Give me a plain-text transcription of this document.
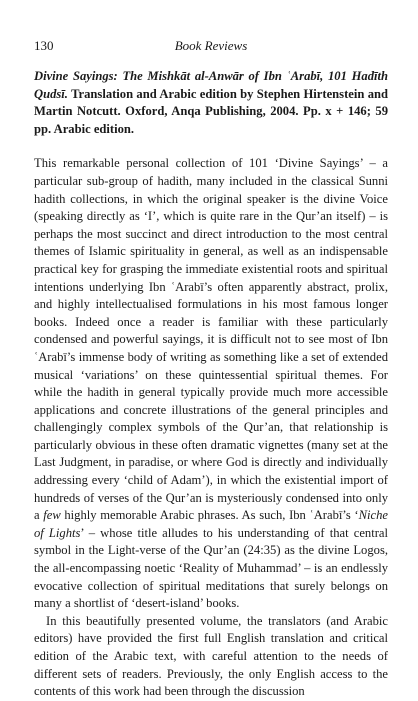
130	Book Reviews
Divine Sayings: The Mishkāt al-Anwār of Ibn ʿArabī, 101 Hadīth Qudsī. Translation and Arabic edition by Stephen Hirtenstein and Martin Notcutt. Oxford, Anqa Publishing, 2004. Pp. x + 146; 59 pp. Arabic edition.

This remarkable personal collection of 101 ‘Divine Sayings’ – a particular sub-group of hadith, many included in the classical Sunni hadith collections, in which the original speaker is the divine Voice (speaking directly as ‘I’, which is quite rare in the Qur’an itself) – is perhaps the most succinct and direct introduction to the most central themes of Islamic spirituality in general, as well as an indispensable practical key for grasping the immediate existential roots and spiritual intentions underlying Ibn ʿArabī’s often apparently abstract, prolix, and highly intellectualised formulations in his most famous longer books. Indeed once a reader is familiar with these particularly condensed and powerful sayings, it is difficult not to see most of Ibn ʿArabī’s immense body of writing as something like a set of extended musical ‘variations’ on these quintessential spiritual themes. For while the hadith in general typically provide much more accessible applications and concrete illustrations of the general principles and challengingly complex symbols of the Qur’an, that relationship is particularly obvious in these often dramatic vignettes (many set at the Last Judgment, in paradise, or where God is directly and individually addressing every ‘child of Adam’), in which the existential import of hundreds of verses of the Qur’an is mysteriously condensed into only a few highly memorable Arabic phrases. As such, Ibn ʿArabī’s ‘Niche of Lights’ – whose title alludes to his understanding of that central symbol in the Light-verse of the Qur’an (24:35) as the divine Logos, the all-encompassing noetic ‘Reality of Muhammad’ – is an endlessly evocative collection of spiritual meditations that surely belongs on many a shortlist of ‘desert-island’ books.

In this beautifully presented volume, the translators (and Arabic editors) have provided the first full English translation and critical edition of the Arabic text, with careful attention to the needs of different sets of readers. Previously, the only English access to the contents of this work had been through the discussion
